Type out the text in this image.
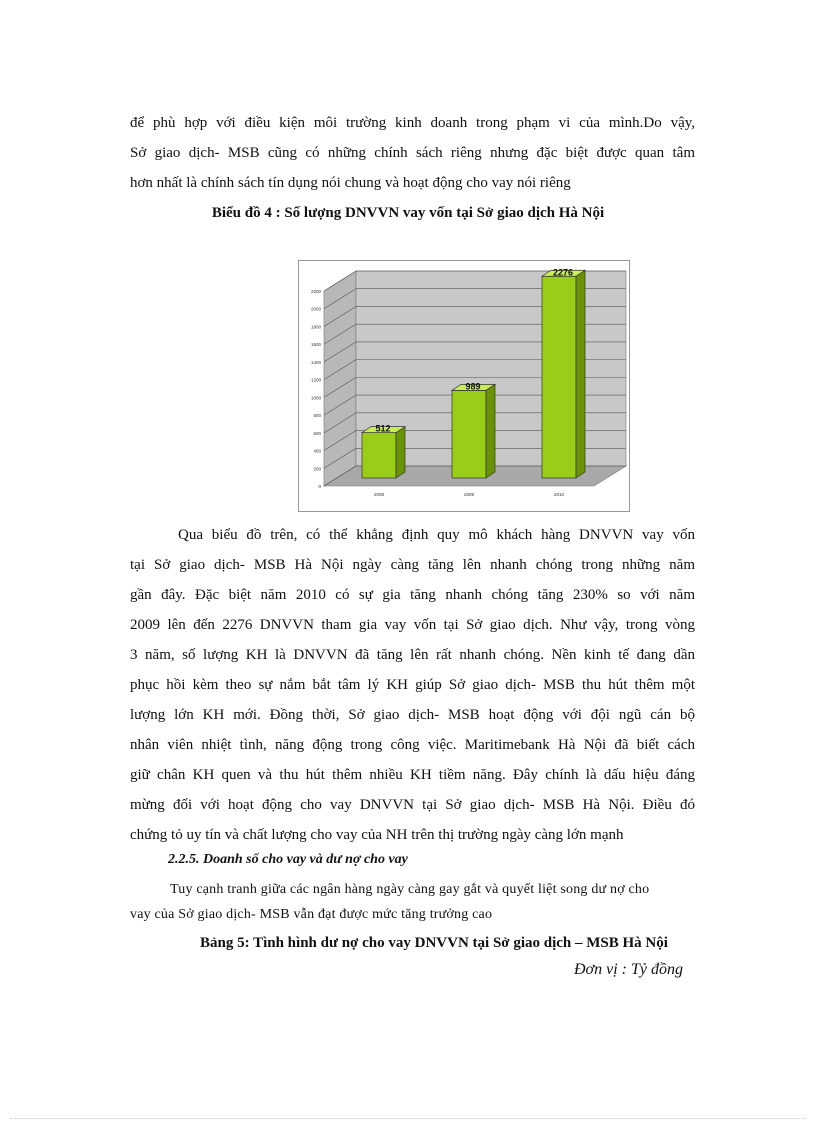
để phù hợp với điều kiện môi trường kinh doanh trong phạm vi của mình.Do vậy,
Sở giao dịch- MSB cũng có những chính sách riêng nhưng đặc biệt được quan tâm
hơn nhất là chính sách tín dụng nói chung và hoạt động cho vay nói riêng
Biểu đồ 4 : Số lượng DNVVN vay vốn tại Sở giao dịch Hà Nội
0
200
400
600
800
1000
1200
1400
1600
1800
2000
2200
512
2008
989
2009
2276
2010
Qua biểu đồ trên, có thể khẳng định quy mô khách hàng DNVVN vay vốn
tại Sở giao dịch- MSB Hà Nội ngày càng tăng lên nhanh chóng trong những năm
gần đây. Đặc biệt năm 2010 có sự gia tăng nhanh chóng tăng 230% so với năm
2009 lên đến 2276 DNVVN tham gia vay vốn tại Sở giao dịch. Như vậy, trong vòng
3 năm, số lượng KH là DNVVN đã tăng lên rất nhanh chóng. Nền kinh tế đang dần
phục hồi kèm theo sự nắm bắt tâm lý KH giúp Sở giao dịch- MSB thu hút thêm một
lượng lớn KH mới. Đồng thời, Sở giao dịch- MSB hoạt động với đội ngũ cán bộ
nhân viên nhiệt tình, năng động trong công việc. Maritimebank Hà Nội đã biết cách
giữ chân KH quen và thu hút thêm nhiều KH tiềm năng. Đây chính là dấu hiệu đáng
mừng đối với hoạt động cho vay DNVVN tại Sở giao dịch- MSB Hà Nội. Điều đó
chứng tỏ uy tín và chất lượng cho vay của NH trên thị trường ngày càng lớn mạnh
2.2.5. Doanh số cho vay và dư nợ cho vay
Tuy cạnh tranh giữa các ngân hàng ngày càng gay gắt và quyết liệt song dư nợ cho
vay của Sở giao dịch- MSB vẫn đạt được mức tăng trưởng cao
Bảng 5: Tình hình dư nợ cho vay DNVVN tại Sở giao dịch – MSB Hà Nội
Đơn vị : Tỷ đồng
